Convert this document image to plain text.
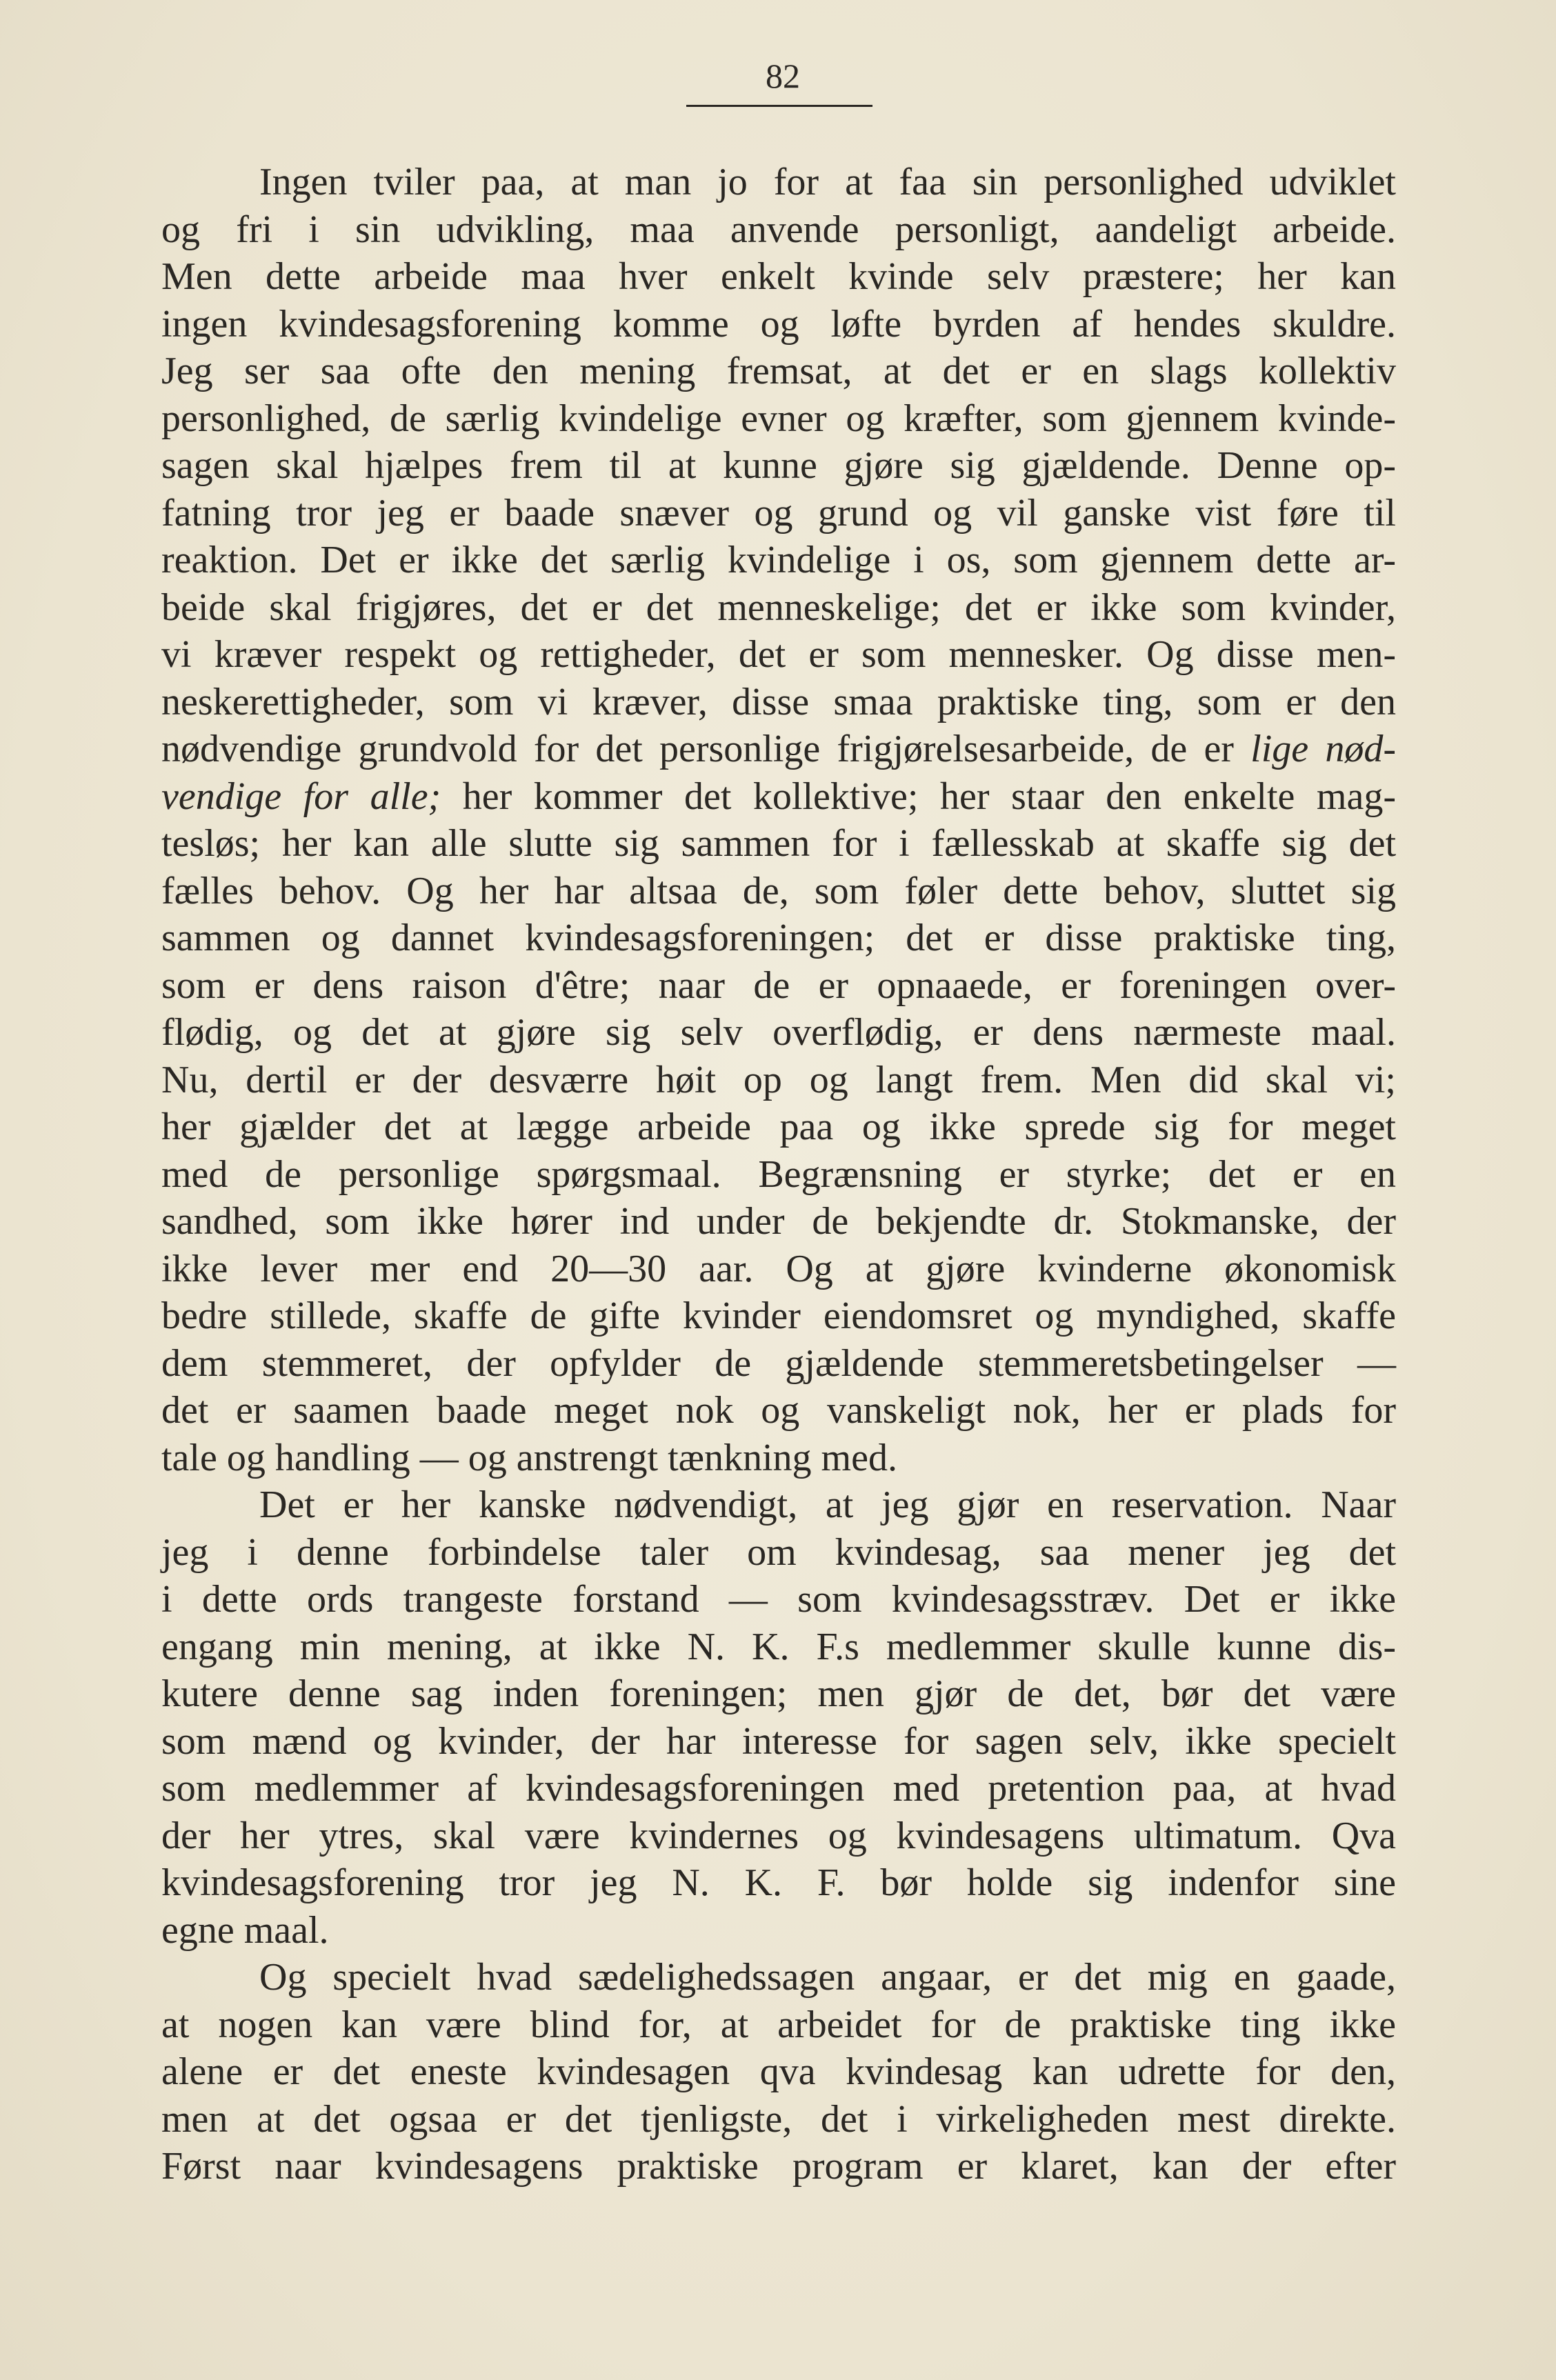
82

Ingen tviler paa, at man jo for at faa sin personlighed udviklet
og fri i sin udvikling, maa anvende personligt, aandeligt arbeide.
Men dette arbeide maa hver enkelt kvinde selv præstere; her kan
ingen kvindesagsforening komme og løfte byrden af hendes skuldre.
Jeg ser saa ofte den mening fremsat, at det er en slags kollektiv
personlighed, de særlig kvindelige evner og kræfter, som gjennem kvinde-
sagen skal hjælpes frem til at kunne gjøre sig gjældende. Denne op-
fatning tror jeg er baade snæver og grund og vil ganske vist føre til
reaktion. Det er ikke det særlig kvindelige i os, som gjennem dette ar-
beide skal frigjøres, det er det menneskelige; det er ikke som kvinder,
vi kræver respekt og rettigheder, det er som mennesker. Og disse men-
neskerettigheder, som vi kræver, disse smaa praktiske ting, som er den
nødvendige grundvold for det personlige frigjørelsesarbeide, de er lige nød-
vendige for alle; her kommer det kollektive; her staar den enkelte mag-
tesløs; her kan alle slutte sig sammen for i fællesskab at skaffe sig det
fælles behov. Og her har altsaa de, som føler dette behov, sluttet sig
sammen og dannet kvindesagsforeningen; det er disse praktiske ting,
som er dens raison d'être; naar de er opnaaede, er foreningen over-
flødig, og det at gjøre sig selv overflødig, er dens nærmeste maal.
Nu, dertil er der desværre høit op og langt frem. Men did skal vi;
her gjælder det at lægge arbeide paa og ikke sprede sig for meget
med de personlige spørgsmaal. Begrænsning er styrke; det er en
sandhed, som ikke hører ind under de bekjendte dr. Stokmanske, der
ikke lever mer end 20—30 aar. Og at gjøre kvinderne økonomisk
bedre stillede, skaffe de gifte kvinder eiendomsret og myndighed, skaffe
dem stemmeret, der opfylder de gjældende stemmeretsbetingelser —
det er saamen baade meget nok og vanskeligt nok, her er plads for
tale og handling — og anstrengt tænkning med.

Det er her kanske nødvendigt, at jeg gjør en reservation. Naar
jeg i denne forbindelse taler om kvindesag, saa mener jeg det
i dette ords trangeste forstand — som kvindesagsstræv. Det er ikke
engang min mening, at ikke N. K. F.s medlemmer skulle kunne dis-
kutere denne sag inden foreningen; men gjør de det, bør det være
som mænd og kvinder, der har interesse for sagen selv, ikke specielt
som medlemmer af kvindesagsforeningen med pretention paa, at hvad
der her ytres, skal være kvindernes og kvindesagens ultimatum. Qva
kvindesagsforening tror jeg N. K. F. bør holde sig indenfor sine
egne maal.

Og specielt hvad sædelighedssagen angaar, er det mig en gaade,
at nogen kan være blind for, at arbeidet for de praktiske ting ikke
alene er det eneste kvindesagen qva kvindesag kan udrette for den,
men at det ogsaa er det tjenligste, det i virkeligheden mest direkte.
Først naar kvindesagens praktiske program er klaret, kan der efter
